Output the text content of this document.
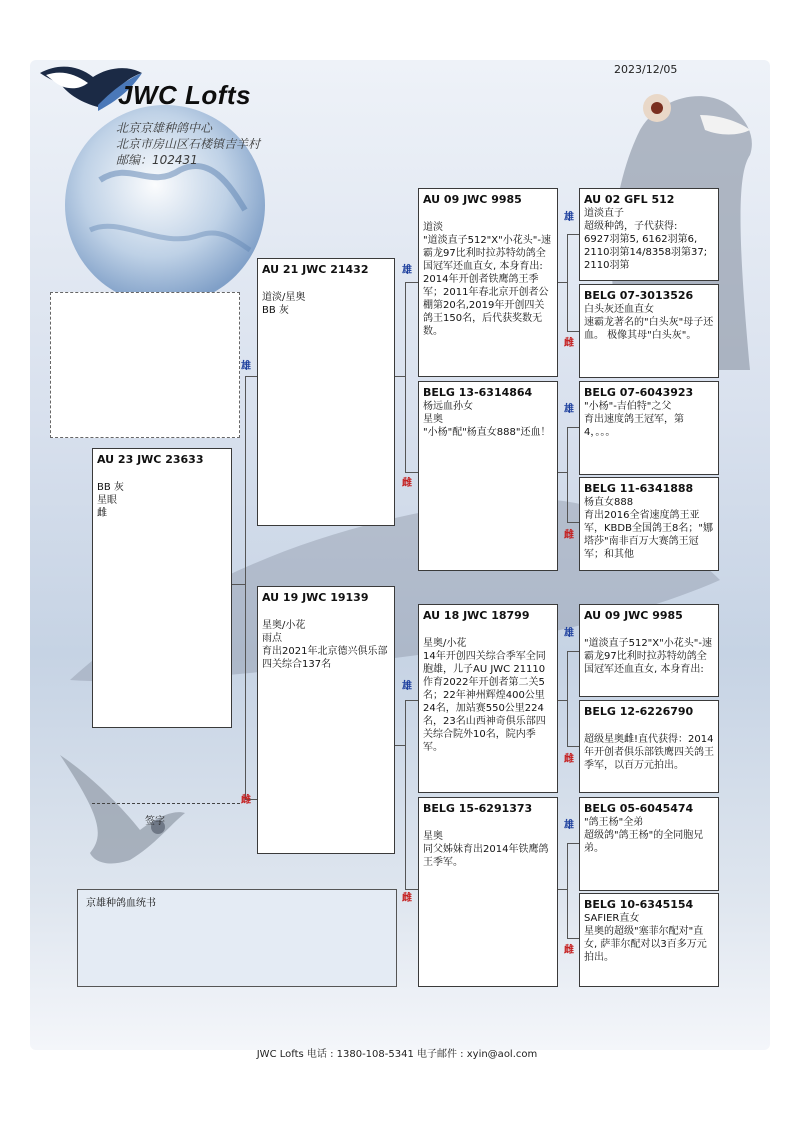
JWC Lofts
2023/12/05
北京京雄种鸽中心
北京市房山区石楼镇吉羊村
邮编：102431
雄
雌
雄
雌
雄
雌
雄
雌
雄
雌
雄
雌
雄
雌
AU 23 JWC 23633
BB 灰
星眼
雌
AU 21 JWC 21432
道淡/星奥
BB 灰
AU 19 JWC 19139
星奥/小花
雨点
育出2021年北京德兴俱乐部四关综合137名
AU 09 JWC 9985
道淡
"道淡直子512"X"小花头"-速霸龙97比利时拉苏特幼鸽全国冠军还血直女, 本身育出:
2014年开创者铁鹰鸽王季军；2011年春北京开创者公棚第20名,2019年开创四关鸽王150名，后代获奖数无数。
BELG 13-6314864
杨远血孙女
星奥
"小杨"配"杨直女888"还血！
AU 18 JWC 18799
星奥/小花
14年开创四关综合季军全同胞雄，儿子AU JWC 21110 作育2022年开创者第二关5名；22年神州辉煌400公里24名，加站赛550公里224名，23名山西神奇俱乐部四关综合院外10名，院内季军。
BELG 15-6291373
星奥
同父姊妹育出2014年铁鹰鸽王季军。
AU 02 GFL 512
道淡直子
超级种鸽，子代获得:
6927羽第5, 6162羽第6, 2110羽第14/8358羽第37; 2110羽第
BELG 07-3013526
白头灰还血直女
速霸龙著名的"白头灰"母子还血。 极像其母"白头灰"。
BELG 07-6043923
"小杨"-吉伯特"之父
育出速度鸽王冠军，第4，。。。
BELG 11-6341888
杨直女888
育出2016全省速度鸽王亚军，KBDB全国鸽王8名；"娜塔莎"南非百万大赛鸽王冠军；和其他
AU 09 JWC 9985
"道淡直子512"X"小花头"-速霸龙97比利时拉苏特幼鸽全国冠军还血直女, 本身育出:
BELG 12-6226790
超级星奥雌!直代获得：2014年开创者俱乐部铁鹰四关鸽王季军，以百万元拍出。
BELG 05-6045474
"鸽王杨"全弟
超级鸽"鸽王杨"的全同胞兄弟。
BELG 10-6345154
SAFIER直女
星奥的超级"塞菲尔配对"直女, 萨菲尔配对以3百多万元拍出。
签字
京雄种鸽血统书
JWC Lofts 电话 : 1380-108-5341 电子邮件 : xyin@aol.com
